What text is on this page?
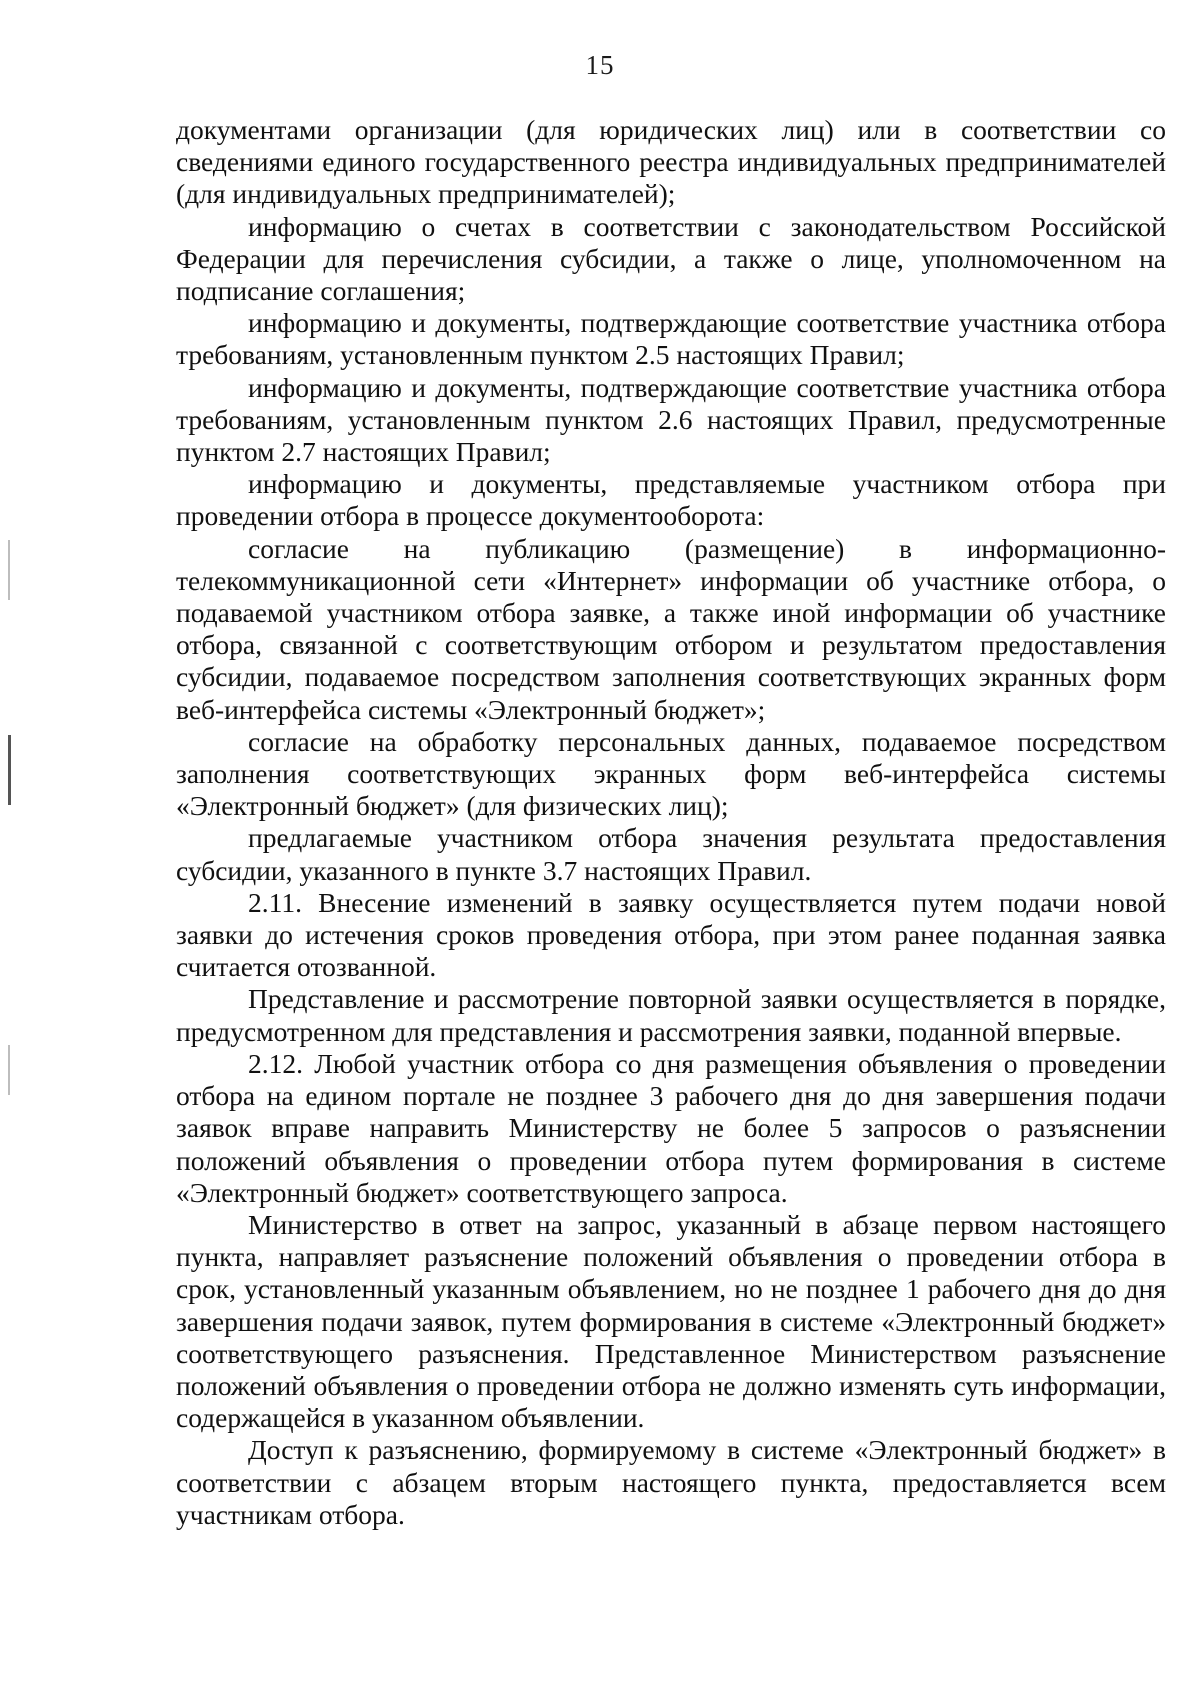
15

документами организации (для юридических лиц) или в соответствии со сведениями единого государственного реестра индивидуальных предпринимателей (для индивидуальных предпринимателей);

информацию о счетах в соответствии с законодательством Российской Федерации для перечисления субсидии, а также о лице, уполномоченном на подписание соглашения;

информацию и документы, подтверждающие соответствие участника отбора требованиям, установленным пунктом 2.5 настоящих Правил;

информацию и документы, подтверждающие соответствие участника отбора требованиям, установленным пунктом 2.6 настоящих Правил, предусмотренные пунктом 2.7 настоящих Правил;

информацию и документы, представляемые участником отбора при проведении отбора в процессе документооборота:

согласие на публикацию (размещение) в информационно-телекоммуникационной сети «Интернет» информации об участнике отбора, о подаваемой участником отбора заявке, а также иной информации об участнике отбора, связанной с соответствующим отбором и результатом предоставления субсидии, подаваемое посредством заполнения соответствующих экранных форм веб-интерфейса системы «Электронный бюджет»;

согласие на обработку персональных данных, подаваемое посредством заполнения соответствующих экранных форм веб-интерфейса системы «Электронный бюджет» (для физических лиц);

предлагаемые участником отбора значения результата предоставления субсидии, указанного в пункте 3.7 настоящих Правил.

2.11. Внесение изменений в заявку осуществляется путем подачи новой заявки до истечения сроков проведения отбора, при этом ранее поданная заявка считается отозванной.

Представление и рассмотрение повторной заявки осуществляется в порядке, предусмотренном для представления и рассмотрения заявки, поданной впервые.

2.12. Любой участник отбора со дня размещения объявления о проведении отбора на едином портале не позднее 3 рабочего дня до дня завершения подачи заявок вправе направить Министерству не более 5 запросов о разъяснении положений объявления о проведении отбора путем формирования в системе «Электронный бюджет» соответствующего запроса.

Министерство в ответ на запрос, указанный в абзаце первом настоящего пункта, направляет разъяснение положений объявления о проведении отбора в срок, установленный указанным объявлением, но не позднее 1 рабочего дня до дня завершения подачи заявок, путем формирования в системе «Электронный бюджет» соответствующего разъяснения. Представленное Министерством разъяснение положений объявления о проведении отбора не должно изменять суть информации, содержащейся в указанном объявлении.

Доступ к разъяснению, формируемому в системе «Электронный бюджет» в соответствии с абзацем вторым настоящего пункта, предоставляется всем участникам отбора.
